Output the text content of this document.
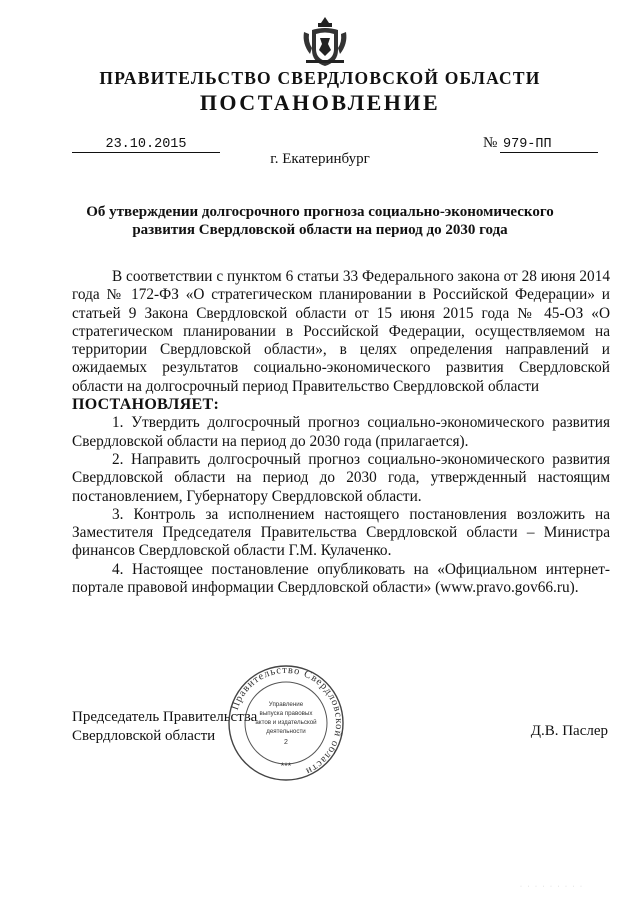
ПРАВИТЕЛЬСТВО СВЕРДЛОВСКОЙ ОБЛАСТИ
ПОСТАНОВЛЕНИЕ
23.10.2015	№ 979-ПП
г. Екатеринбург
Об утверждении долгосрочного прогноза социально-экономического
развития Свердловской области на период до 2030 года

В соответствии с пунктом 6 статьи 33 Федерального закона от 28 июня 2014 года № 172-ФЗ «О стратегическом планировании в Российской Федерации» и статьей 9 Закона Свердловской области от 15 июня 2015 года № 45-ОЗ «О стратегическом планировании в Российской Федерации, осуществляемом на территории Свердловской области», в целях определения направлений и ожидаемых результатов социально-экономического развития Свердловской области на долгосрочный период Правительство Свердловской области

ПОСТАНОВЛЯЕТ:

1. Утвердить долгосрочный прогноз социально-экономического развития Свердловской области на период до 2030 года (прилагается).

2. Направить долгосрочный прогноз социально-экономического развития Свердловской области на период до 2030 года, утвержденный настоящим постановлением, Губернатору Свердловской области.

3. Контроль за исполнением настоящего постановления возложить на Заместителя Председателя Правительства Свердловской области – Министра финансов Свердловской области Г.М. Кулаченко.

4. Настоящее постановление опубликовать на «Официальном интернет-портале правовой информации Свердловской области» (www.pravo.gov66.ru).

Председатель Правительства
Свердловской области	Д.В. Паслер
Правительство Свердловской области
Управление
выпуска правовых
актов и издательской
деятельности
2
***
· · · · · · · · ·
